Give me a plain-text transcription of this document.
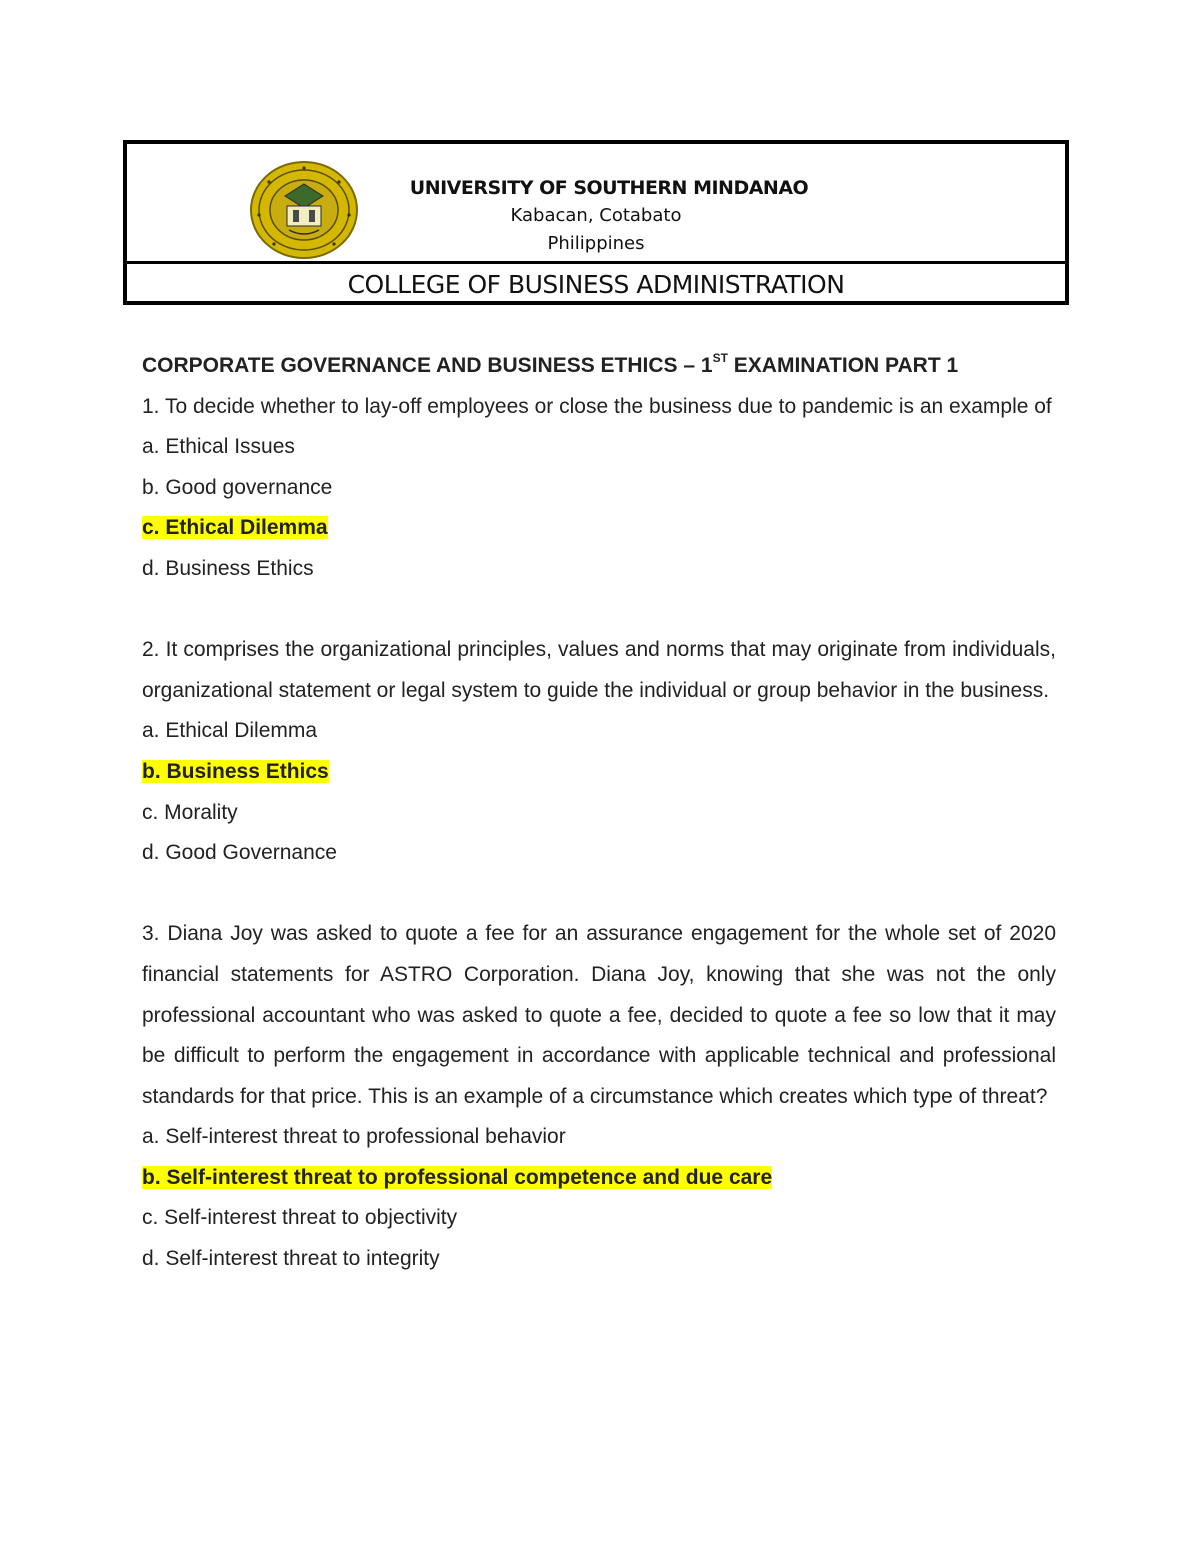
UNIVERSITY OF SOUTHERN MINDANAO
Kabacan, Cotabato
Philippines
COLLEGE OF BUSINESS ADMINISTRATION
CORPORATE GOVERNANCE AND BUSINESS ETHICS – 1ST EXAMINATION PART 1
1. To decide whether to lay-off employees or close the business due to pandemic is an example of
a. Ethical Issues
b. Good governance
c. Ethical Dilemma
d. Business Ethics
2. It comprises the organizational principles, values and norms that may originate from individuals, organizational statement or legal system to guide the individual or group behavior in the business.
a. Ethical Dilemma
b. Business Ethics
c. Morality
d. Good Governance
3. Diana Joy was asked to quote a fee for an assurance engagement for the whole set of 2020 financial statements for ASTRO Corporation. Diana Joy, knowing that she was not the only professional accountant who was asked to quote a fee, decided to quote a fee so low that it may be difficult to perform the engagement in accordance with applicable technical and professional standards for that price. This is an example of a circumstance which creates which type of threat?
a. Self-interest threat to professional behavior
b. Self-interest threat to professional competence and due care
c. Self-interest threat to objectivity
d. Self-interest threat to integrity
